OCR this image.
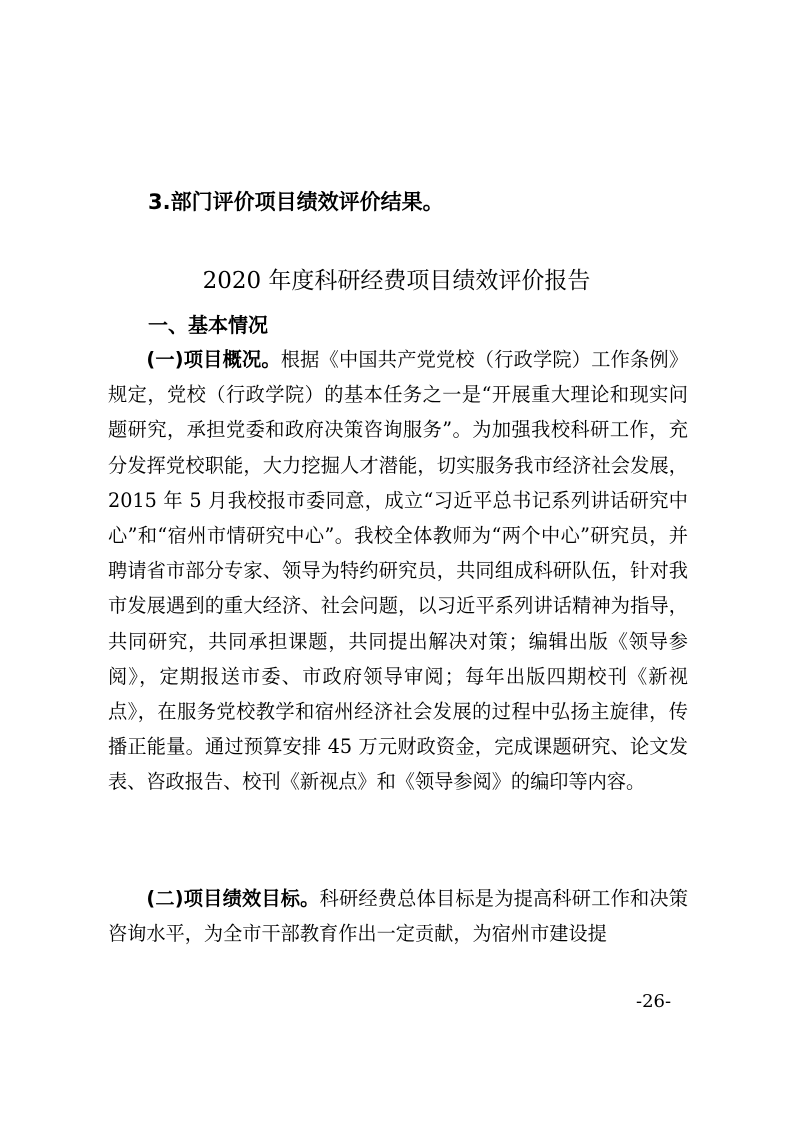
3.部门评价项目绩效评价结果。
2020 年度科研经费项目绩效评价报告
一、基本情况

(一)项目概况。根据《中国共产党党校（行政学院）工作条例》规定，党校（行政学院）的基本任务之一是“开展重大理论和现实问题研究，承担党委和政府决策咨询服务”。为加强我校科研工作，充分发挥党校职能，大力挖掘人才潜能，切实服务我市经济社会发展，2015 年 5 月我校报市委同意，成立“习近平总书记系列讲话研究中心”和“宿州市情研究中心”。我校全体教师为“两个中心”研究员，并聘请省市部分专家、领导为特约研究员，共同组成科研队伍，针对我市发展遇到的重大经济、社会问题，以习近平系列讲话精神为指导，共同研究，共同承担课题，共同提出解决对策；编辑出版《领导参阅》，定期报送市委、市政府领导审阅；每年出版四期校刊《新视点》，在服务党校教学和宿州经济社会发展的过程中弘扬主旋律，传播正能量。通过预算安排 45 万元财政资金，完成课题研究、论文发表、咨政报告、校刊《新视点》和《领导参阅》的编印等内容。

(二)项目绩效目标。科研经费总体目标是为提高科研工作和决策咨询水平，为全市干部教育作出一定贡献，为宿州市建设提

-26-
